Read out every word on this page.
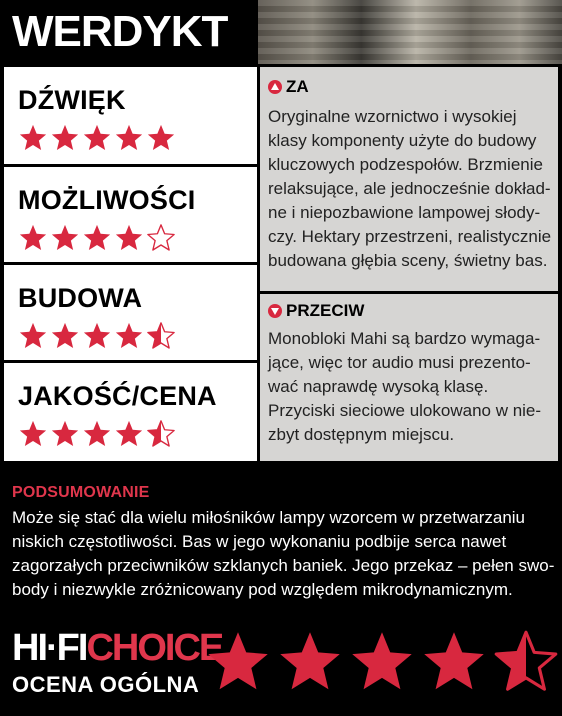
WERDYKT
DŹWIĘK
MOŻLIWOŚCI
BUDOWA
JAKOŚĆ/CENA
ZA
Oryginalne wzornictwo i wysokiej
klasy komponenty użyte do budowy
kluczowych podzespołów. Brzmienie
relaksujące, ale jednocześnie dokład-
ne i niepozbawione lampowej słody-
czy. Hektary przestrzeni, realistycznie
budowana głębia sceny, świetny bas.
PRZECIW
Monobloki Mahi są bardzo wymaga-
jące, więc tor audio musi prezento-
wać naprawdę wysoką klasę.
Przyciski sieciowe ulokowano w nie-
zbyt dostępnym miejscu.
PODSUMOWANIE
Może się stać dla wielu miłośników lampy wzorcem w przetwarzaniu
niskich częstotliwości. Bas w jego wykonaniu podbije serca nawet
zagorzałych przeciwników szklanych baniek. Jego przekaz – pełen swo-
body i niezwykle zróżnicowany pod względem mikrodynamicznym.
HI·FICHOICE
OCENA OGÓLNA
